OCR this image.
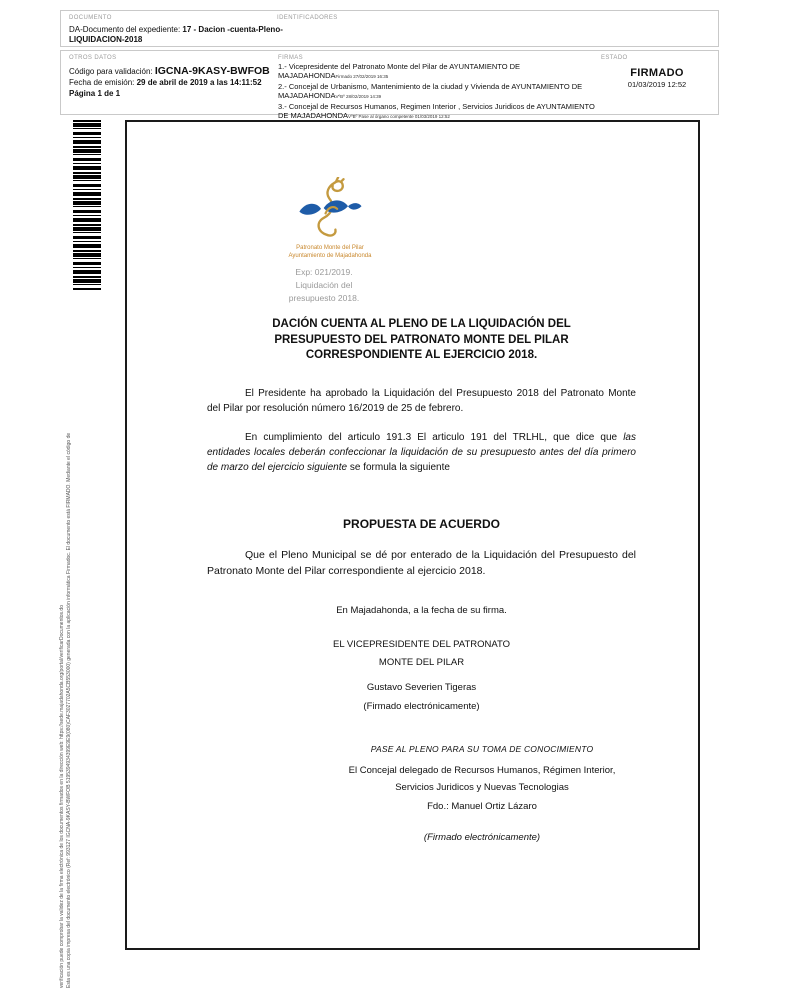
DOCUMENTO
DA-Documento del expediente: 17 - Dacion -cuenta-Pleno-LIQUIDACION-2018
IDENTIFICADORES
OTROS DATOS
Código para validación: IGCNA-9KASY-BWFOB
Fecha de emisión: 29 de abril de 2019 a las 14:11:52
Página 1 de 1
FIRMAS
1.- Vicepresidente del Patronato Monte del Pilar de AYUNTAMIENTO DE MAJADAHONDAFirmado 27/02/2019 16:35
2.- Concejal de Urbanismo, Mantenimiento de la ciudad y Vivienda de AYUNTAMIENTO DE MAJADAHONDAVºBº 28/02/2019 14:39
3.- Concejal de Recursos Humanos, Regimen Interior , Servicios Juridicos de AYUNTAMIENTO DE MAJADAHONDAVºBº Pase al órgano competente 01/03/2019 12:52
ESTADO
FIRMADO
01/03/2019 12:52
verificación puede comprobar la validez de la firma electrónica de los documentos firmados en la dirección web: https://sede.majadahonda.org/portal/verificarDocumentos.do Esta es una copia impresa del documento electrónico (Ref: 993127 IGCNA-9KASY-BWFOB 5195394934399E9E9(080)CAF3027702A5CB553000) generada con la aplicación informática Firmadoc. El documento está FIRMADO. Mediante el código de
Patronato Monte del Pilar
Ayuntamiento de Majadahonda
Exp: 021/2019.
Liquidación del
presupuesto 2018.
DACIÓN CUENTA AL PLENO DE LA LIQUIDACIÓN DEL PRESUPUESTO DEL PATRONATO MONTE DEL PILAR CORRESPONDIENTE AL EJERCICIO 2018.
El Presidente ha aprobado la Liquidación del Presupuesto 2018 del Patronato Monte del Pilar por resolución número 16/2019 de 25 de febrero.
En cumplimiento del articulo 191.3 El articulo 191 del TRLHL, que dice que las entidades locales deberán confeccionar la liquidación de su presupuesto antes del día primero de marzo del ejercicio siguiente se formula la siguiente
PROPUESTA DE ACUERDO
Que el Pleno Municipal se dé por enterado de la Liquidación del Presupuesto del Patronato Monte del Pilar correspondiente al ejercicio 2018.
En Majadahonda, a la fecha de su firma.
EL VICEPRESIDENTE DEL PATRONATO
MONTE DEL PILAR
Gustavo Severien Tigeras
(Firmado electrónicamente)
PASE AL PLENO PARA SU TOMA DE CONOCIMIENTO
El Concejal delegado de Recursos Humanos, Régimen Interior, Servicios Juridicos y Nuevas Tecnologias
Fdo.: Manuel Ortiz Lázaro
(Firmado electrónicamente)
